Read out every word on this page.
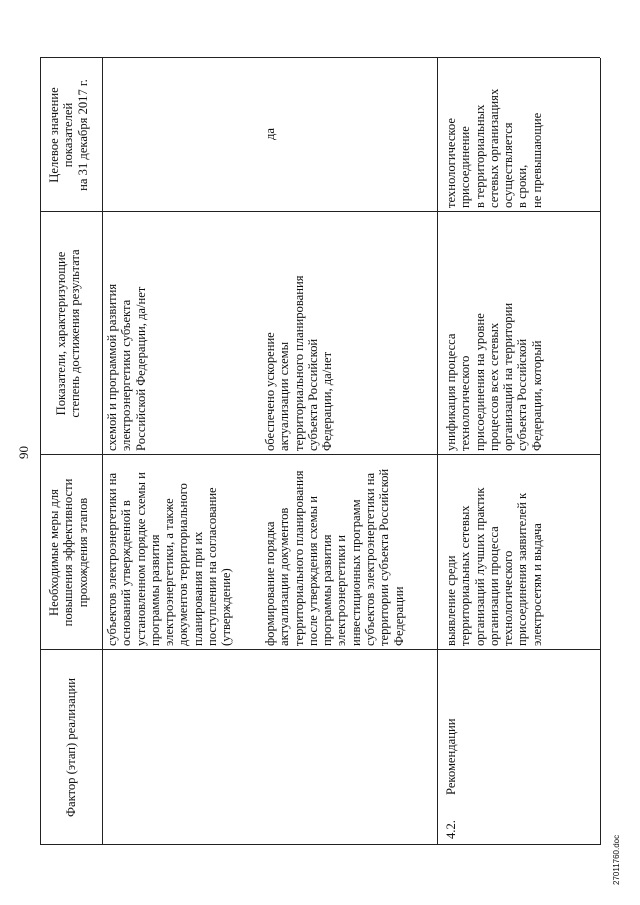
90
Фактор (этап) реализации
Необходимые меры для
повышения эффективности
прохождения этапов
Показатели, характеризующие
степень достижения результата
Целевое значение
показателей
на 31 декабря 2017 г.
субъектов электроэнергетики на
оснований утвержденной в
установленном порядке схемы и
программы развития
электроэнергетики, а также
документов территориального
планирования при их
поступлении на согласование
(утверждение)
схемой и программой развития
электроэнергетики субъекта
Российской Федерации, да/нет
формирование порядка
актуализации документов
территориального планирования
после утверждения схемы и
программы развития
электроэнергетики и
инвестиционных программ
субъектов электроэнергетики на
территории субъекта Российской
Федерации
обеспечено ускорение
актуализации схемы
территориального планирования
субъекта Российской
Федерации, да/нет
да
4.2.
Рекомендации
выявление среди
территориальных сетевых
организаций лучших практик
организации процесса
технологического
присоединения заявителей к
электросетям и выдача
унификация процесса
технологического
присоединения на уровне
процессов всех сетевых
организаций на территории
субъекта Российской
Федерации, который
технологическое
присоединение
в территориальных
сетевых организациях
осуществляется
в сроки,
не превышающие
27011760.doc
